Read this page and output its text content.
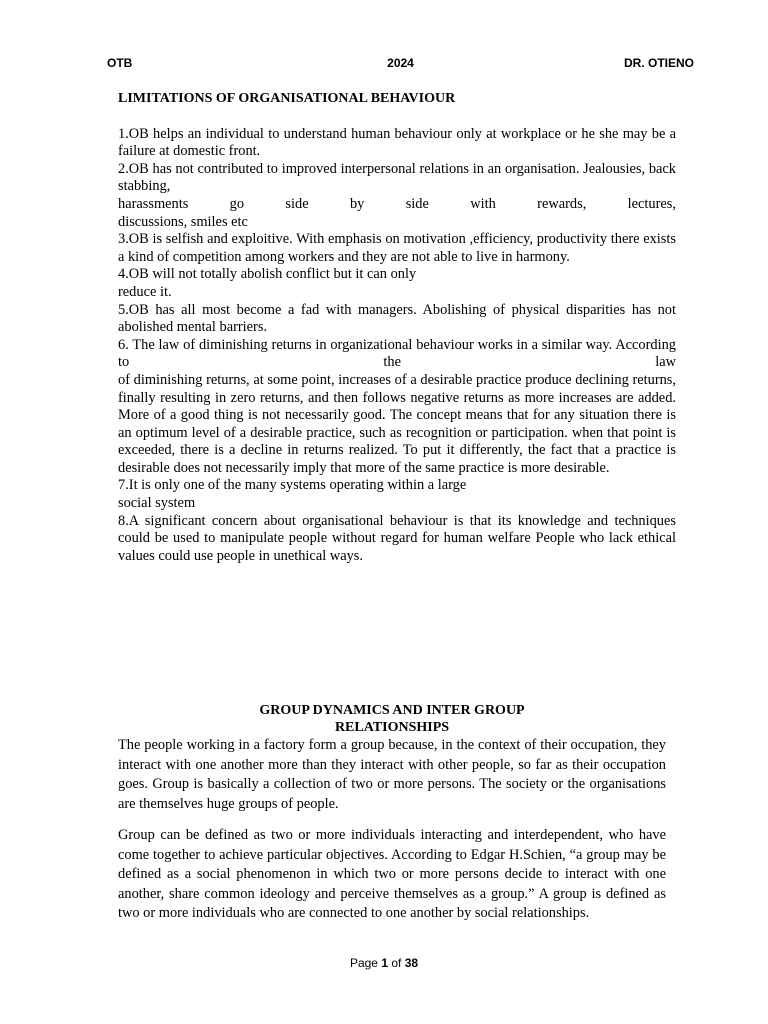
OTB	2024	DR. OTIENO
LIMITATIONS OF ORGANISATIONAL BEHAVIOUR

1.OB helps an individual to understand human behaviour only at workplace or he she may be a failure at domestic front.

2.OB has not contributed to improved interpersonal relations in an organisation. Jealousies, back stabbing,

harassments go side by side with rewards, lectures,

discussions, smiles etc

3.OB is selfish and exploitive. With emphasis on motivation ,efficiency, productivity there exists a kind of competition among workers and they are not able to live in harmony.

4.OB will not totally abolish conflict but it can only

reduce it.

5.OB has all most become a fad with managers. Abolishing of physical disparities has not abolished mental barriers.

6. The law of diminishing returns in organizational behaviour works in a similar way. According to the law

of diminishing returns, at some point, increases of a desirable practice produce declining returns, finally resulting in zero returns, and then follows negative returns as more increases are added. More of a good thing is not necessarily good. The concept means that for any situation there is an optimum level of a desirable practice, such as recognition or participation. when that point is exceeded, there is a decline in returns realized. To put it differently, the fact that a practice is desirable does not necessarily imply that more of the same practice is more desirable.

7.It is only one of the many systems operating within a large

social system

8.A significant concern about organisational behaviour is that its knowledge and techniques could be used to manipulate people without regard for human welfare People who lack ethical values could use people in unethical ways.

GROUP DYNAMICS AND INTER GROUP
RELATIONSHIPS

The people working in a factory form a group because, in the context of their occupation, they interact with one another more than they interact with other people, so far as their occupation goes. Group is basically a collection of two or more persons. The society or the organisations are themselves huge groups of people.

Group can be defined as two or more individuals interacting and interdependent, who have come together to achieve particular objectives. According to Edgar H.Schien, “a group may be defined as a social phenomenon in which two or more persons decide to interact with one another, share common ideology and perceive themselves as a group.” A group is defined as two or more individuals who are connected to one another by social relationships.

Page 1 of 38
